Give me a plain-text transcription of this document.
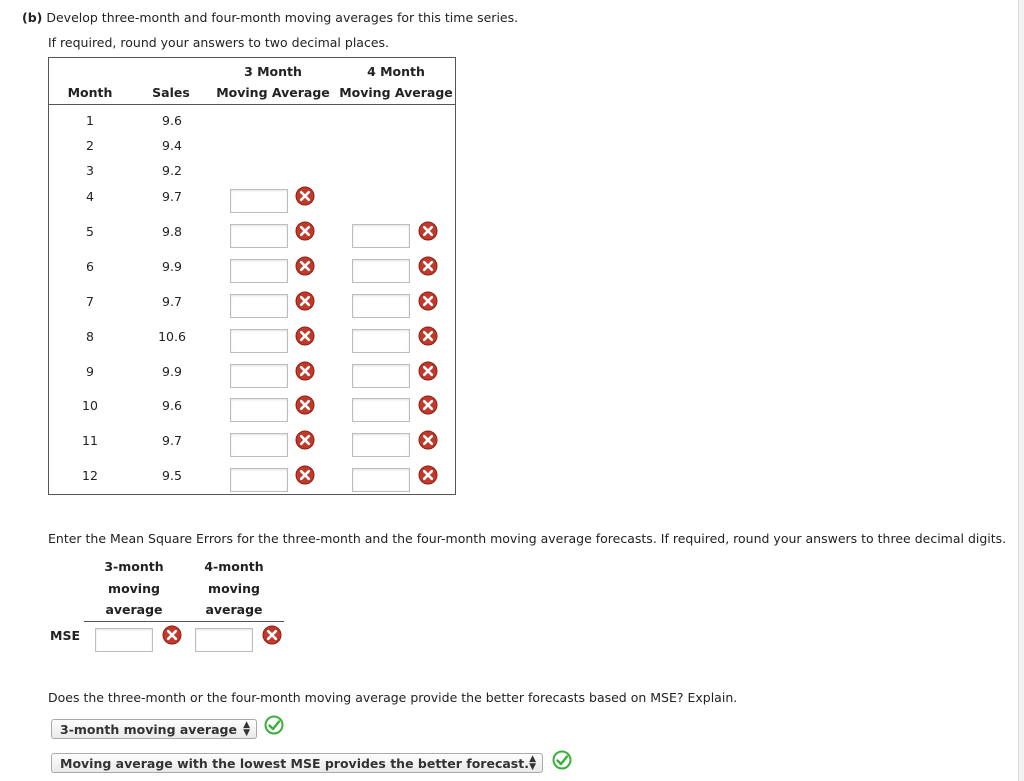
(b) Develop three-month and four-month moving averages for this time series.
If required, round your answers to two decimal places.
Month	Sales
3 Month
Moving Average
4 Month
Moving Average
1	9.6
2	9.4
3	9.2
4	9.7
5	9.8
6	9.9
7	9.7
8	10.6
9	9.9
10	9.6
11	9.7
12	9.5
Enter the Mean Square Errors for the three-month and the four-month moving average forecasts. If required, round your answers to three decimal digits.
3-month
moving
average
4-month
moving
average
MSE
Does the three-month or the four-month moving average provide the better forecasts based on MSE? Explain.
3-month moving average ▲
▼
Moving average with the lowest MSE provides the better forecast. ▲
▼
